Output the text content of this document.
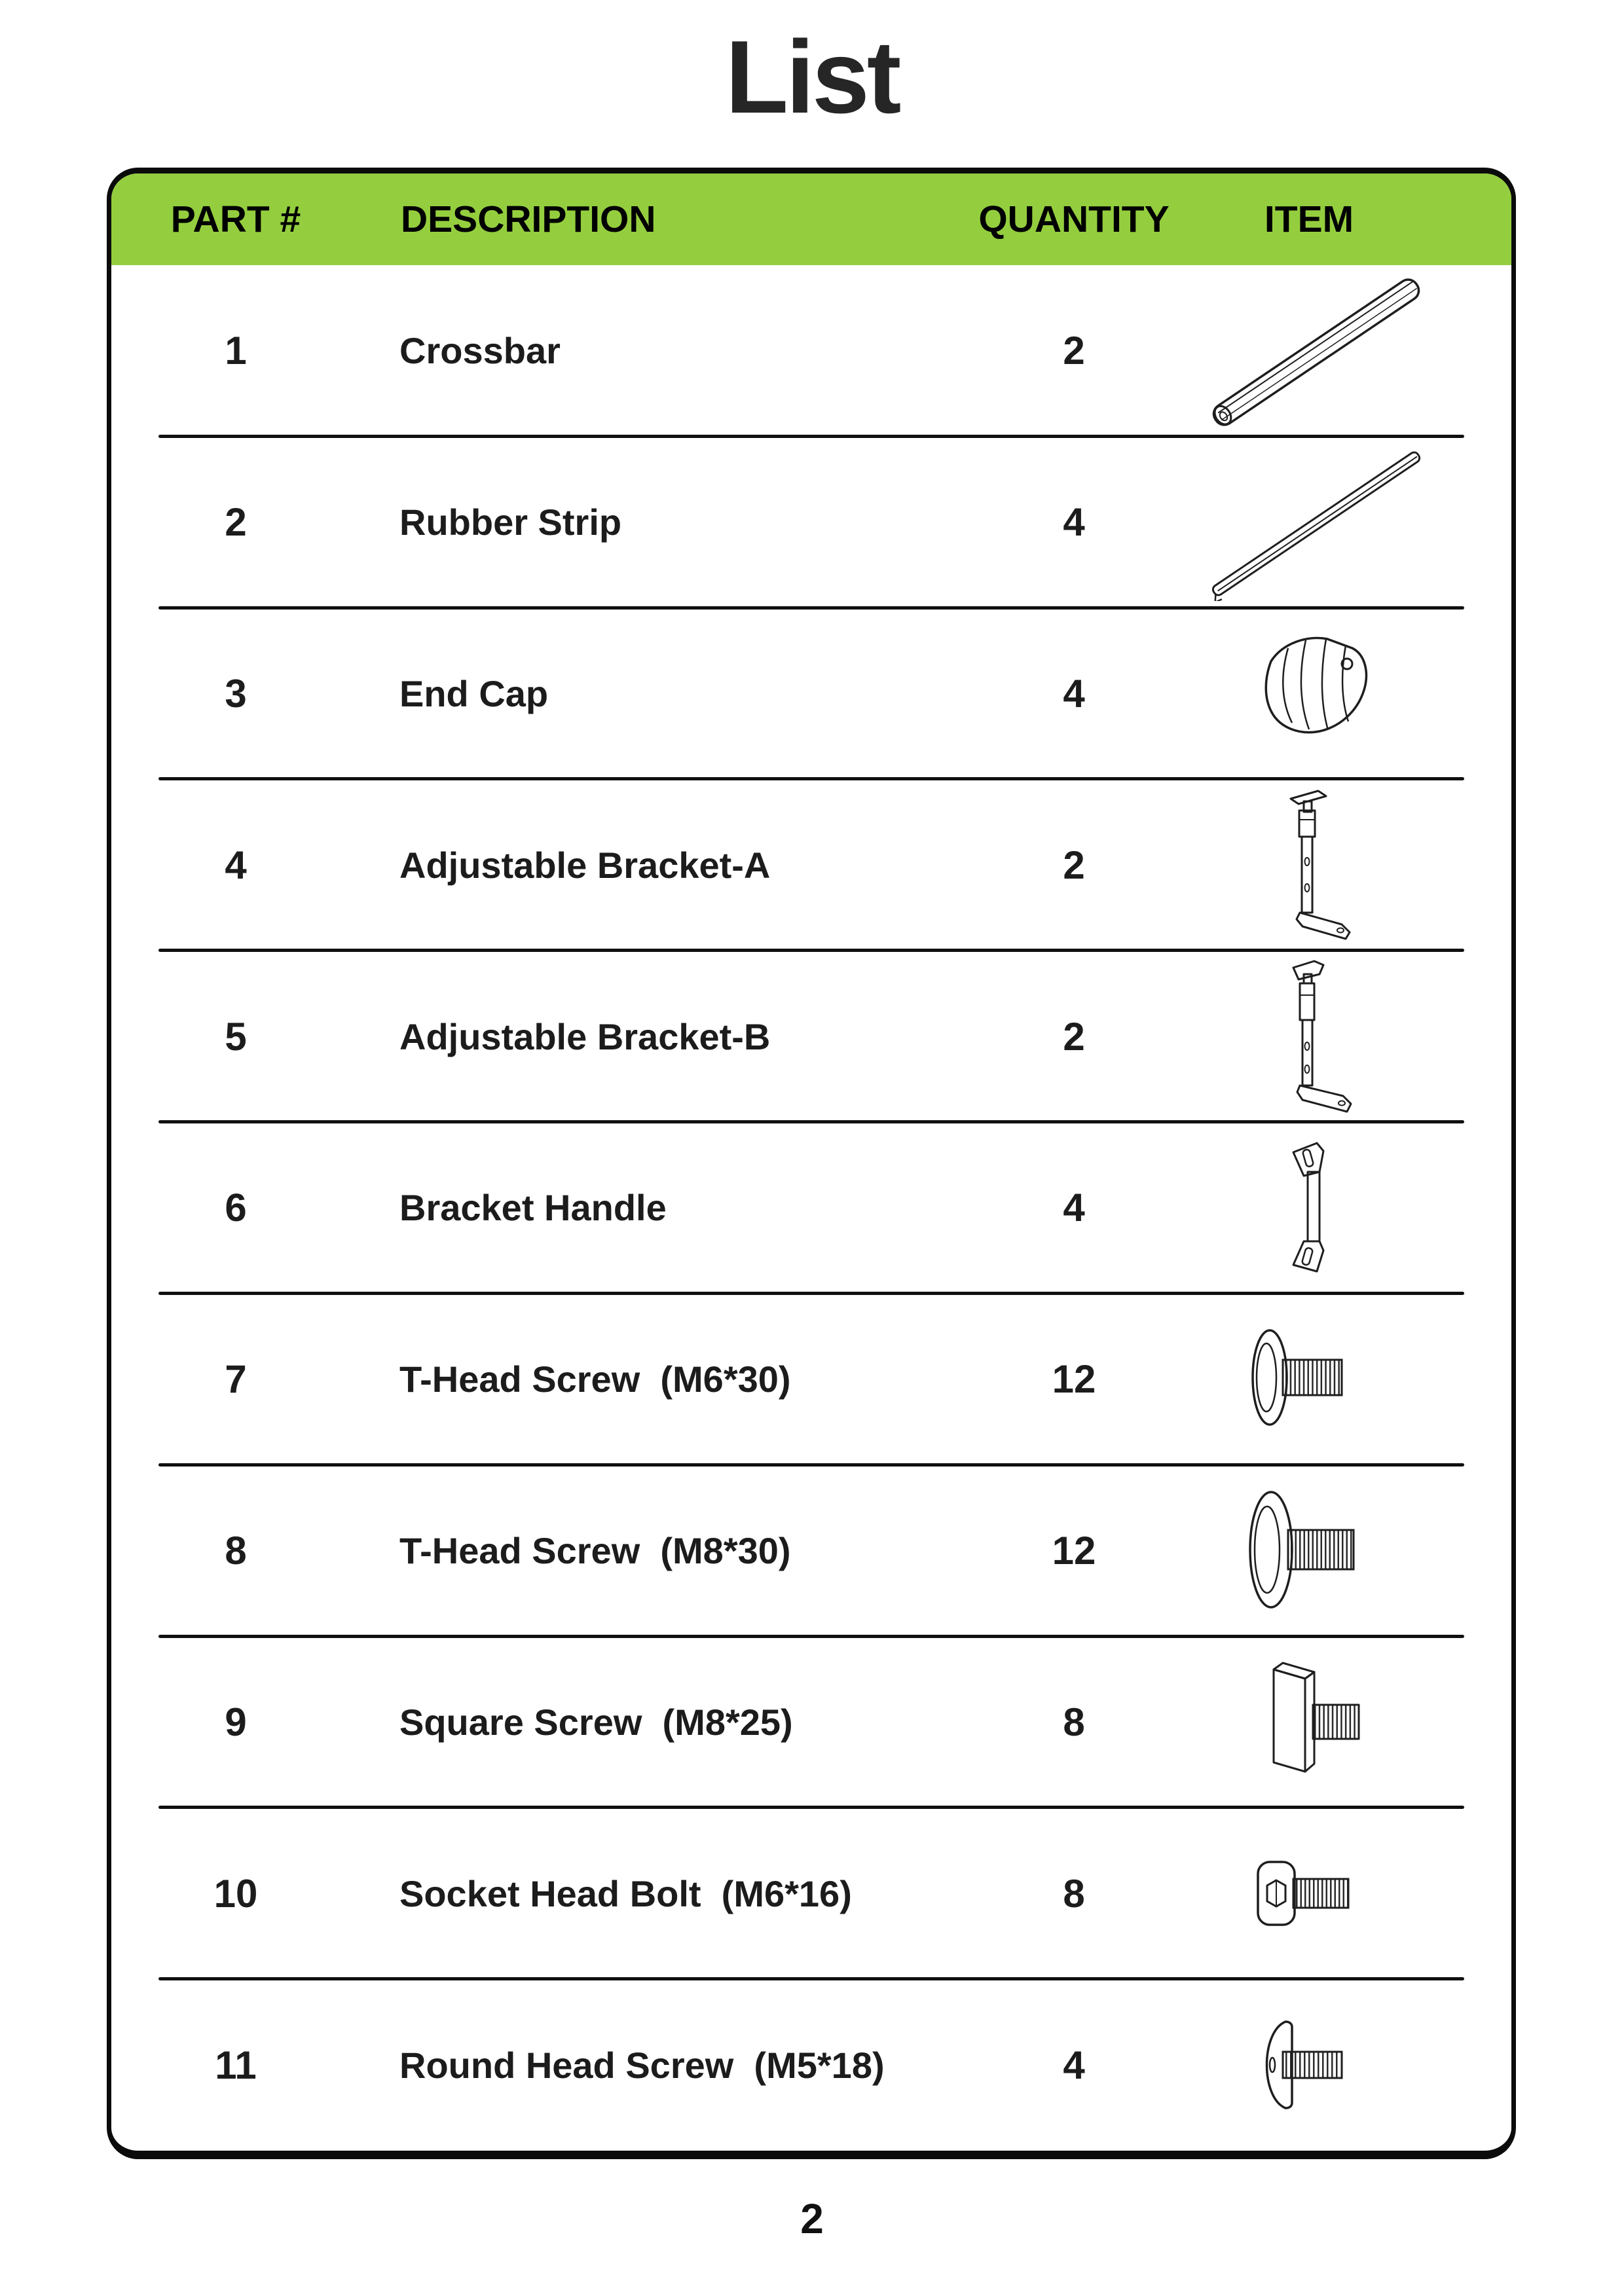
List
PART #	DESCRIPTION	QUANTITY	ITEM
1	Crossbar	2
2	Rubber Strip	4
3	End Cap	4
4	Adjustable Bracket-A	2
5	Adjustable Bracket-B	2
6	Bracket Handle	4
7	T-Head Screw  (M6*30)	12
8	T-Head Screw  (M8*30)	12
9	Square Screw  (M8*25)	8
10	Socket Head Bolt  (M6*16)	8
11	Round Head Screw  (M5*18)	4
2
